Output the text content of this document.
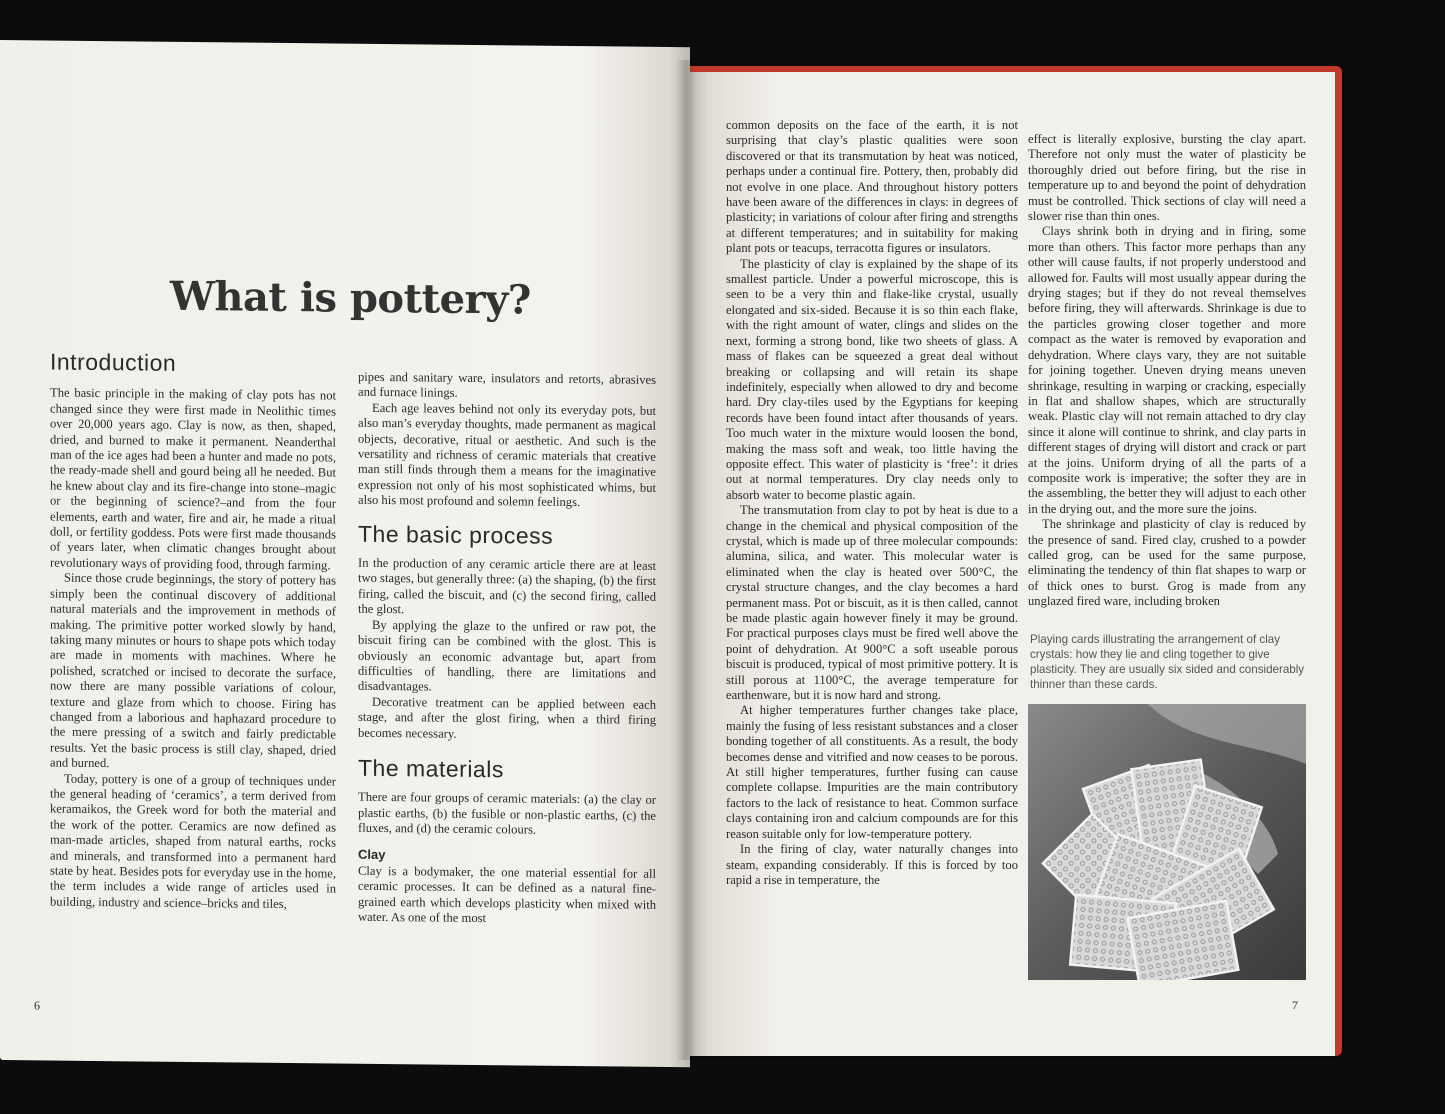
What is pottery?
Introduction

The basic principle in the making of clay pots has not changed since they were first made in Neolithic times over 20,000 years ago. Clay is now, as then, shaped, dried, and burned to make it permanent. Neanderthal man of the ice ages had been a hunter and made no pots, the ready-made shell and gourd being all he needed. But he knew about clay and its fire-change into stone–magic or the beginning of science?–and from the four elements, earth and water, fire and air, he made a ritual doll, or fertility goddess. Pots were first made thousands of years later, when climatic changes brought about revolutionary ways of providing food, through farming.

Since those crude beginnings, the story of pottery has simply been the continual discovery of additional natural materials and the improvement in methods of making. The primitive potter worked slowly by hand, taking many minutes or hours to shape pots which today are made in moments with machines. Where he polished, scratched or incised to decorate the surface, now there are many possible variations of colour, texture and glaze from which to choose. Firing has changed from a laborious and haphazard procedure to the mere pressing of a switch and fairly predictable results. Yet the basic process is still clay, shaped, dried and burned.

Today, pottery is one of a group of techniques under the general heading of ‘ceramics’, a term derived from keramaikos, the Greek word for both the material and the work of the potter. Ceramics are now defined as man-made articles, shaped from natural earths, rocks and minerals, and transformed into a permanent hard state by heat. Besides pots for everyday use in the home, the term includes a wide range of articles used in building, industry and science–bricks and tiles,

pipes and sanitary ware, insulators and retorts, abrasives and furnace linings.

Each age leaves behind not only its everyday pots, but also man’s everyday thoughts, made permanent as magical objects, decorative, ritual or aesthetic. And such is the versatility and richness of ceramic materials that creative man still finds through them a means for the imaginative expression not only of his most sophisticated whims, but also his most profound and solemn feelings.

The basic process

In the production of any ceramic article there are at least two stages, but generally three: (a) the shaping, (b) the first firing, called the biscuit, and (c) the second firing, called the glost.

By applying the glaze to the unfired or raw pot, the biscuit firing can be combined with the glost. This is obviously an economic advantage but, apart from difficulties of handling, there are limitations and disadvantages.

Decorative treatment can be applied between each stage, and after the glost firing, when a third firing becomes necessary.

The materials

There are four groups of ceramic materials: (a) the clay or plastic earths, (b) the fusible or non-plastic earths, (c) the fluxes, and (d) the ceramic colours.

Clay

Clay is a bodymaker, the one material essential for all ceramic processes. It can be defined as a natural fine-grained earth which develops plasticity when mixed with water. As one of the most

6

common deposits on the face of the earth, it is not surprising that clay’s plastic qualities were soon discovered or that its transmutation by heat was noticed, perhaps under a continual fire. Pottery, then, probably did not evolve in one place. And throughout history potters have been aware of the differences in clays: in degrees of plasticity; in variations of colour after firing and strengths at different temperatures; and in suitability for making plant pots or teacups, terracotta figures or insulators.

The plasticity of clay is explained by the shape of its smallest particle. Under a powerful microscope, this is seen to be a very thin and flake-like crystal, usually elongated and six-sided. Because it is so thin each flake, with the right amount of water, clings and slides on the next, forming a strong bond, like two sheets of glass. A mass of flakes can be squeezed a great deal without breaking or collapsing and will retain its shape indefinitely, especially when allowed to dry and become hard. Dry clay-tiles used by the Egyptians for keeping records have been found intact after thousands of years. Too much water in the mixture would loosen the bond, making the mass soft and weak, too little having the opposite effect. This water of plasticity is ‘free’: it dries out at normal temperatures. Dry clay needs only to absorb water to become plastic again.

The transmutation from clay to pot by heat is due to a change in the chemical and physical composition of the crystal, which is made up of three molecular compounds: alumina, silica, and water. This molecular water is eliminated when the clay is heated over 500°C, the crystal structure changes, and the clay becomes a hard permanent mass. Pot or biscuit, as it is then called, cannot be made plastic again however finely it may be ground. For practical purposes clays must be fired well above the point of dehydration. At 900°C a soft useable porous biscuit is produced, typical of most primitive pottery. It is still porous at 1100°C, the average temperature for earthenware, but it is now hard and strong.

At higher temperatures further changes take place, mainly the fusing of less resistant substances and a closer bonding together of all constituents. As a result, the body becomes dense and vitrified and now ceases to be porous. At still higher temperatures, further fusing can cause complete collapse. Impurities are the main contributory factors to the lack of resistance to heat. Common surface clays containing iron and calcium compounds are for this reason suitable only for low-temperature pottery.

In the firing of clay, water naturally changes into steam, expanding considerably. If this is forced by too rapid a rise in temperature, the

effect is literally explosive, bursting the clay apart. Therefore not only must the water of plasticity be thoroughly dried out before firing, but the rise in temperature up to and beyond the point of dehydration must be controlled. Thick sections of clay will need a slower rise than thin ones.

Clays shrink both in drying and in firing, some more than others. This factor more perhaps than any other will cause faults, if not properly understood and allowed for. Faults will most usually appear during the drying stages; but if they do not reveal themselves before firing, they will afterwards. Shrinkage is due to the particles growing closer together and more compact as the water is removed by evaporation and dehydration. Where clays vary, they are not suitable for joining together. Uneven drying means uneven shrinkage, resulting in warping or cracking, especially in flat and shallow shapes, which are structurally weak. Plastic clay will not remain attached to dry clay since it alone will continue to shrink, and clay parts in different stages of drying will distort and crack or part at the joins. Uniform drying of all the parts of a composite work is imperative; the softer they are in the assembling, the better they will adjust to each other in the drying out, and the more sure the joins.

The shrinkage and plasticity of clay is reduced by the presence of sand. Fired clay, crushed to a powder called grog, can be used for the same purpose, eliminating the tendency of thin flat shapes to warp or of thick ones to burst. Grog is made from any unglazed fired ware, including broken

Playing cards illustrating the arrangement of clay crystals: how they lie and cling together to give plasticity. They are usually six sided and considerably thinner than these cards.
7
